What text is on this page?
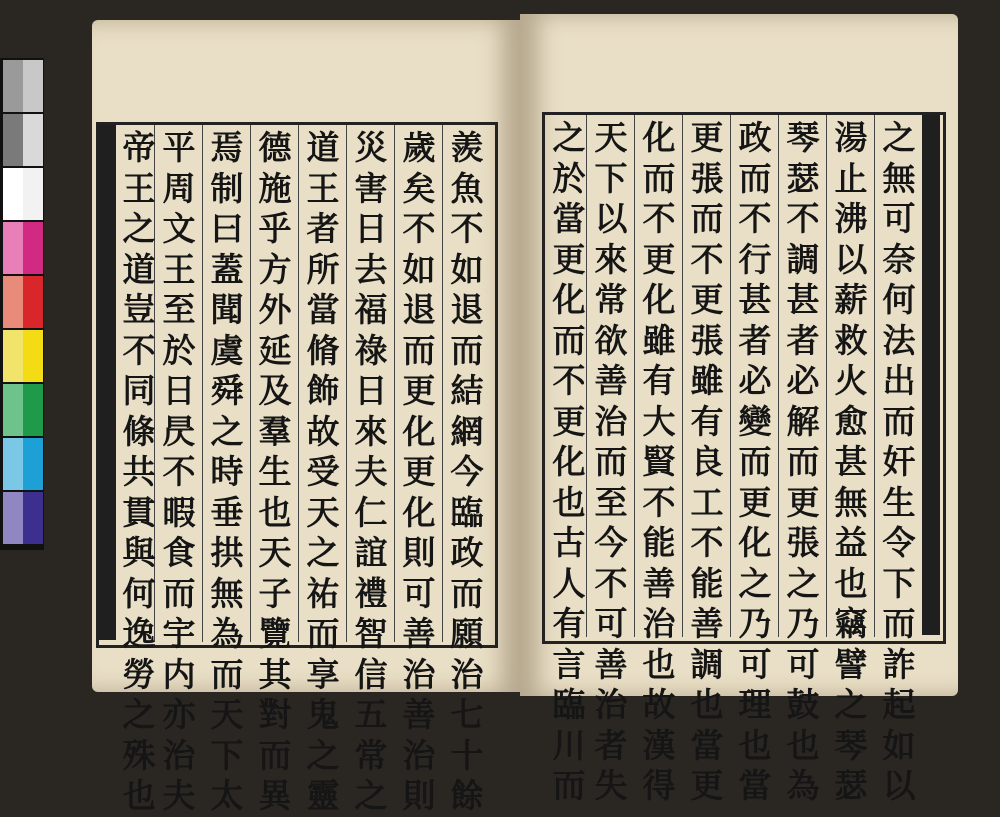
羨
魚
不
如
退
而
結
網
今
臨
政
而
願
治
七
十
餘
歲
矣
不
如
退
而
更
化
更
化
則
可
善
治
善
治
則
災
害
日
去
福
祿
日
來
夫
仁
誼
禮
智
信
五
常
之
道
王
者
所
當
脩
飾
故
受
天
之
祐
而
享
鬼
之
靈
德
施
乎
方
外
延
及
羣
生
也
天
子
覽
其
對
而
異
焉
制
曰
蓋
聞
虞
舜
之
時
垂
拱
無
為
而
天
下
太
平
周
文
王
至
於
日
昃
不
暇
食
而
宇
内
亦
治
夫
帝
王
之
道
豈
不
同
條
共
貫
與
何
逸
勞
之
殊
也
之
無
可
奈
何
法
出
而
奸
生
令
下
而
詐
起
如
以
湯
止
沸
以
薪
救
火
愈
甚
無
益
也
竊
譬
之
琴
瑟
琴
瑟
不
調
甚
者
必
解
而
更
張
之
乃
可
鼓
也
為
政
而
不
行
甚
者
必
變
而
更
化
之
乃
可
理
也
當
更
張
而
不
更
張
雖
有
良
工
不
能
善
調
也
當
更
化
而
不
更
化
雖
有
大
賢
不
能
善
治
也
故
漢
得
天
下
以
來
常
欲
善
治
而
至
今
不
可
善
治
者
失
之
於
當
更
化
而
不
更
化
也
古
人
有
言
臨
川
而
